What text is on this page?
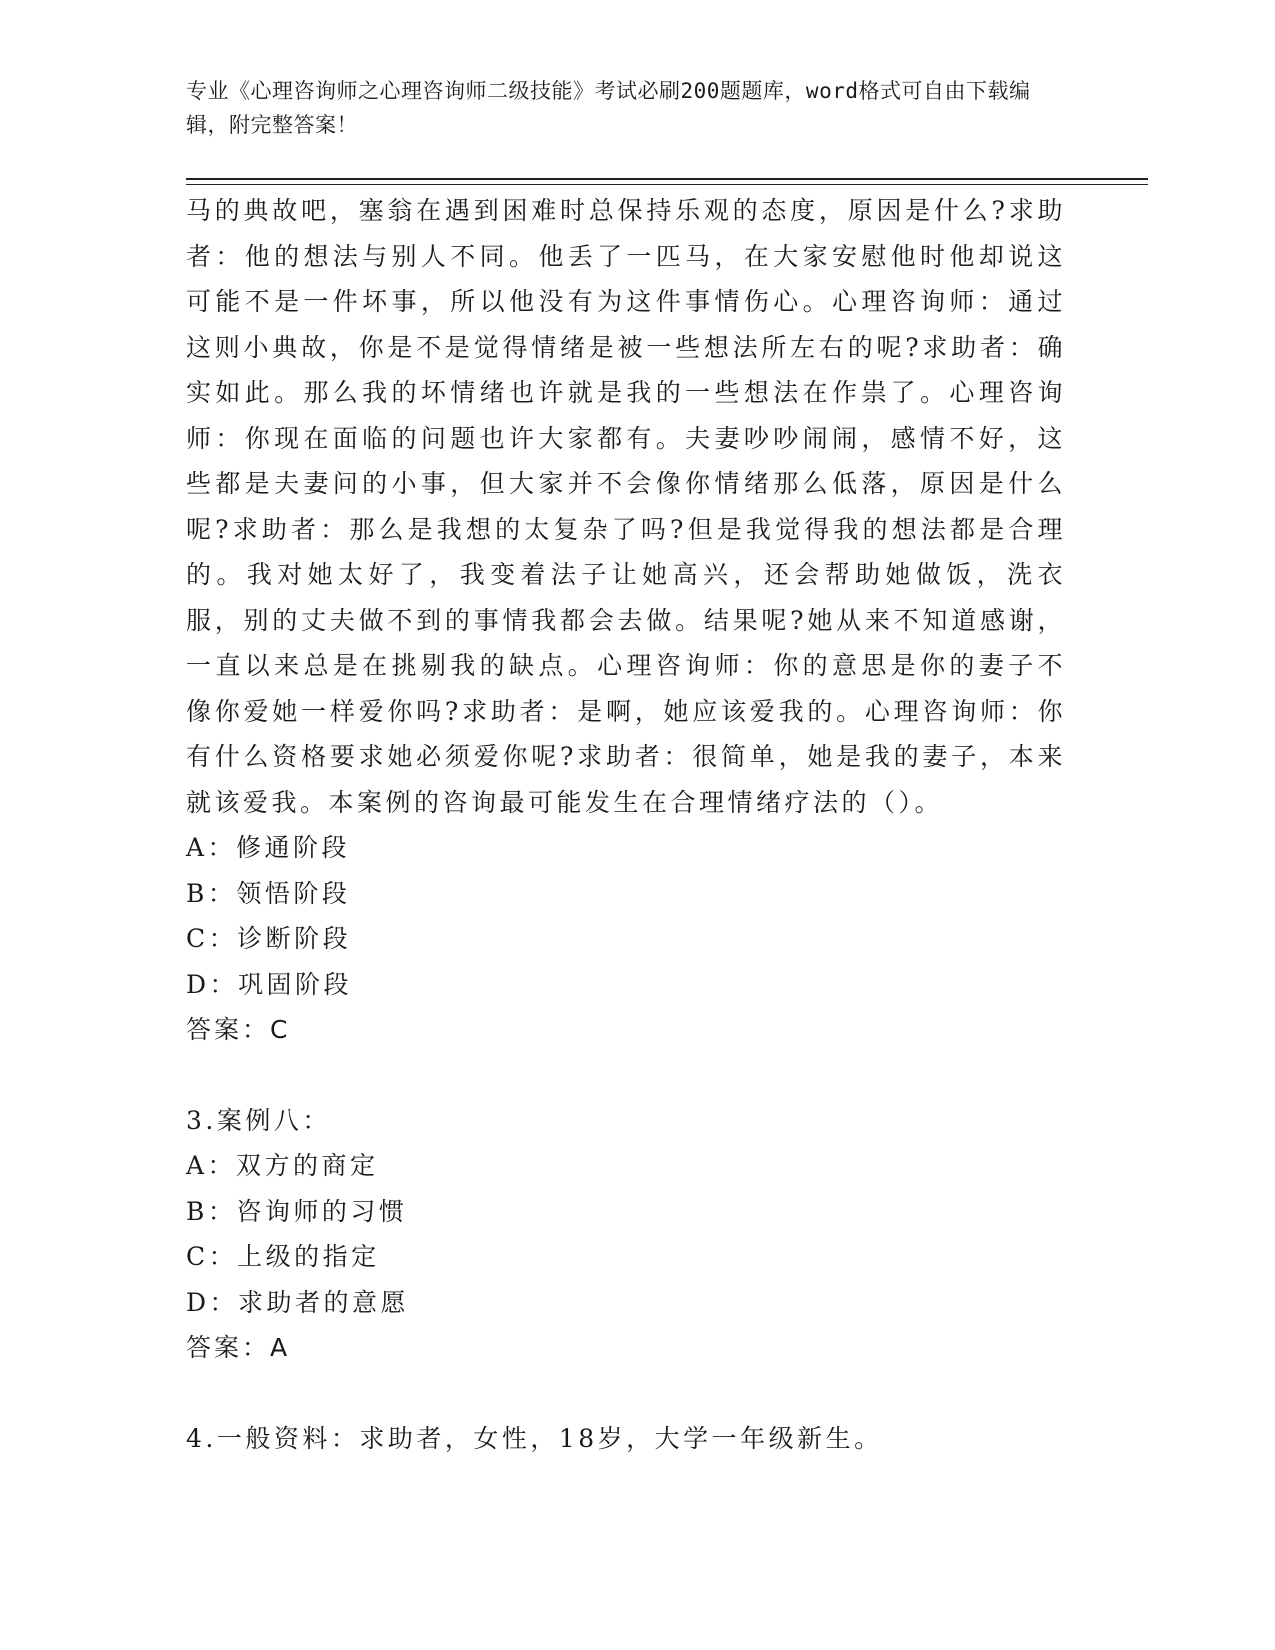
专业《心理咨询师之心理咨询师二级技能》考试必刷200题题库，word格式可自由下载编辑，附完整答案！

马的典故吧，塞翁在遇到困难时总保持乐观的态度，原因是什么?求助者：他的想法与别人不同。他丢了一匹马，在大家安慰他时他却说这可能不是一件坏事，所以他没有为这件事情伤心。心理咨询师：通过这则小典故，你是不是觉得情绪是被一些想法所左右的呢?求助者：确实如此。那么我的坏情绪也许就是我的一些想法在作祟了。心理咨询师：你现在面临的问题也许大家都有。夫妻吵吵闹闹，感情不好，这些都是夫妻问的小事，但大家并不会像你情绪那么低落，原因是什么呢?求助者：那么是我想的太复杂了吗?但是我觉得我的想法都是合理的。我对她太好了，我变着法子让她高兴，还会帮助她做饭，洗衣服，别的丈夫做不到的事情我都会去做。结果呢?她从来不知道感谢，一直以来总是在挑剔我的缺点。心理咨询师：你的意思是你的妻子不像你爱她一样爱你吗?求助者：是啊，她应该爱我的。心理咨询师：你有什么资格要求她必须爱你呢?求助者：很简单，她是我的妻子，本来就该爱我。本案例的咨询最可能发生在合理情绪疗法的（）。

A：修通阶段

B：领悟阶段

C：诊断阶段

D：巩固阶段

答案：C

3.案例八：

A：双方的商定

B：咨询师的习惯

C：上级的指定

D：求助者的意愿

答案：A

4.一般资料：求助者，女性，18岁，大学一年级新生。
